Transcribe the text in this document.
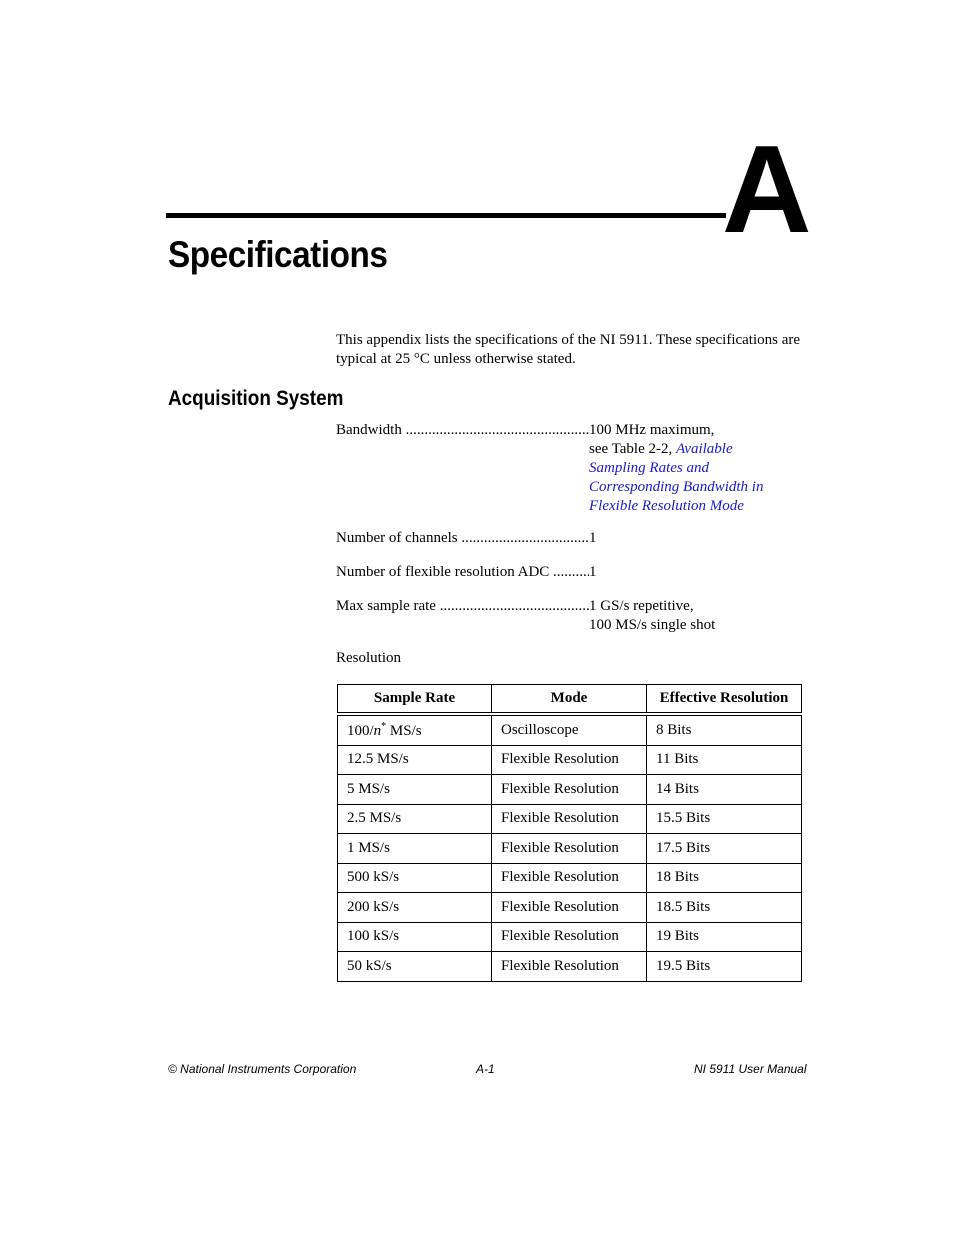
A
Specifications
This appendix lists the specifications of the NI 5911. These specifications are typical at 25 °C unless otherwise stated.
Acquisition System
Bandwidth .....	100 MHz maximum,
see Table 2-2, Available
Sampling Rates and
Corresponding Bandwidth in
Flexible Resolution Mode
Number of channels .....	1
Number of flexible resolution ADC .....	1
Max sample rate .....	1 GS/s repetitive,
100 MS/s single shot
Resolution
Sample Rate	Mode	Effective Resolution
100/n* MS/s	Oscilloscope	8 Bits
12.5 MS/s	Flexible Resolution	11 Bits
5 MS/s	Flexible Resolution	14 Bits
2.5 MS/s	Flexible Resolution	15.5 Bits
1 MS/s	Flexible Resolution	17.5 Bits
500 kS/s	Flexible Resolution	18 Bits
200 kS/s	Flexible Resolution	18.5 Bits
100 kS/s	Flexible Resolution	19 Bits
50 kS/s	Flexible Resolution	19.5 Bits
© National Instruments Corporation	A-1	NI 5911 User Manual
